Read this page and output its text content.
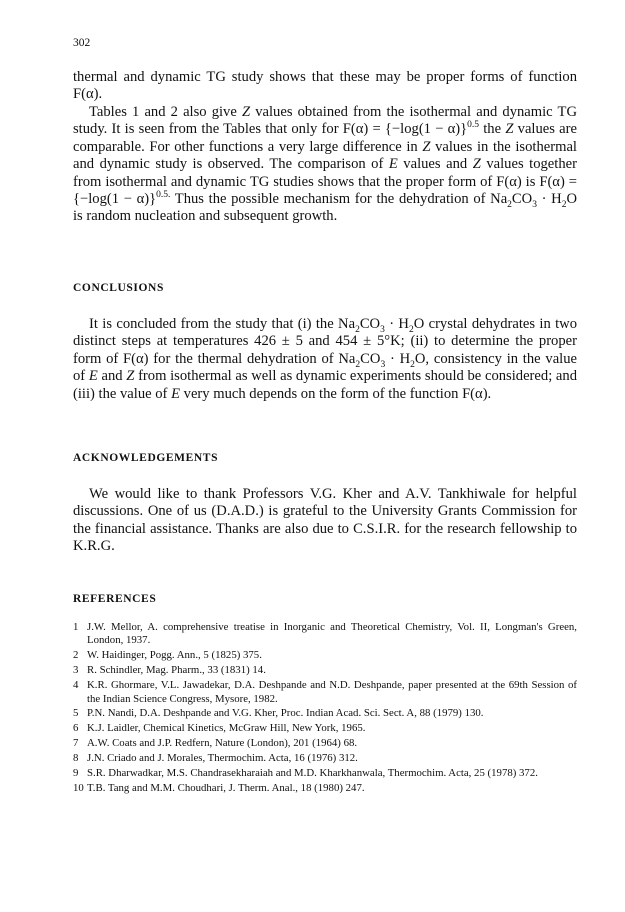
302

thermal and dynamic TG study shows that these may be proper forms of function F(α).

Tables 1 and 2 also give Z values obtained from the isothermal and dynamic TG study. It is seen from the Tables that only for $F(\alpha) = \{-\log(1 - \alpha)\}^{0.5}$ the Z values are comparable. For other functions a very large difference in Z values in the isothermal and dynamic study is observed. The comparison of E values and Z values together from isothermal and dynamic TG studies shows that the proper form of F(α) is $F(\alpha) = \{-\log(1 - \alpha)\}^{0.5.}$ Thus the possible mechanism for the dehydration of $Na_2CO_3 \cdot H_2O$ is random nucleation and subsequent growth.

CONCLUSIONS

It is concluded from the study that (i) the $Na_2CO_3 \cdot H_2O$ crystal dehydrates in two distinct steps at temperatures 426 ± 5 and 454 ± 5°K; (ii) to determine the proper form of F(α) for the thermal dehydration of $Na_2CO_3 \cdot H_2O$, consistency in the value of E and Z from isothermal as well as dynamic experiments should be considered; and (iii) the value of E very much depends on the form of the function F(α).

ACKNOWLEDGEMENTS

We would like to thank Professors V.G. Kher and A.V. Tankhiwale for helpful discussions. One of us (D.A.D.) is grateful to the University Grants Commission for the financial assistance. Thanks are also due to C.S.I.R. for the research fellowship to K.R.G.

REFERENCES
1 J.W. Mellor, A. comprehensive treatise in Inorganic and Theoretical Chemistry, Vol. II, Longman's Green, London, 1937.
2 W. Haidinger, Pogg. Ann., 5 (1825) 375.
3 R. Schindler, Mag. Pharm., 33 (1831) 14.
4 K.R. Ghormare, V.L. Jawadekar, D.A. Deshpande and N.D. Deshpande, paper presented at the 69th Session of the Indian Science Congress, Mysore, 1982.
5 P.N. Nandi, D.A. Deshpande and V.G. Kher, Proc. Indian Acad. Sci. Sect. A, 88 (1979) 130.
6 K.J. Laidler, Chemical Kinetics, McGraw Hill, New York, 1965.
7 A.W. Coats and J.P. Redfern, Nature (London), 201 (1964) 68.
8 J.N. Criado and J. Morales, Thermochim. Acta, 16 (1976) 312.
9 S.R. Dharwadkar, M.S. Chandrasekharaiah and M.D. Kharkhanwala, Thermochim. Acta, 25 (1978) 372.
10 T.B. Tang and M.M. Choudhari, J. Therm. Anal., 18 (1980) 247.
